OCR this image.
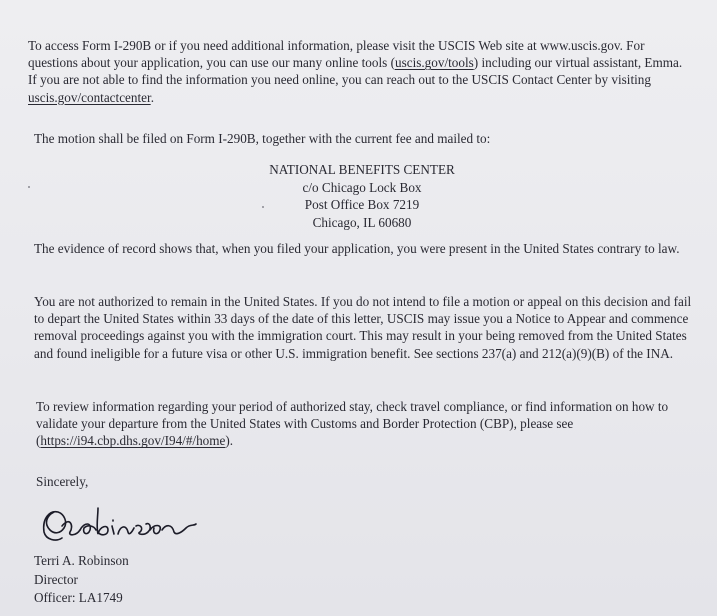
To access Form I-290B or if you need additional information, please visit the USCIS Web site at www.uscis.gov. For questions about your application, you can use our many online tools (uscis.gov/tools) including our virtual assistant, Emma. If you are not able to find the information you need online, you can reach out to the USCIS Contact Center by visiting uscis.gov/contactcenter.

The motion shall be filed on Form I-290B, together with the current fee and mailed to:

NATIONAL BENEFITS CENTER
c/o Chicago Lock Box
Post Office Box 7219
Chicago, IL 60680

The evidence of record shows that, when you filed your application, you were present in the United States contrary to law.

You are not authorized to remain in the United States. If you do not intend to file a motion or appeal on this decision and fail to depart the United States within 33 days of the date of this letter, USCIS may issue you a Notice to Appear and commence removal proceedings against you with the immigration court. This may result in your being removed from the United States and found ineligible for a future visa or other U.S. immigration benefit. See sections 237(a) and 212(a)(9)(B) of the INA.

To review information regarding your period of authorized stay, check travel compliance, or find information on how to validate your departure from the United States with Customs and Border Protection (CBP), please see (https://i94.cbp.dhs.gov/I94/#/home).

Sincerely,
Terri A. Robinson
Director
Officer: LA1749
